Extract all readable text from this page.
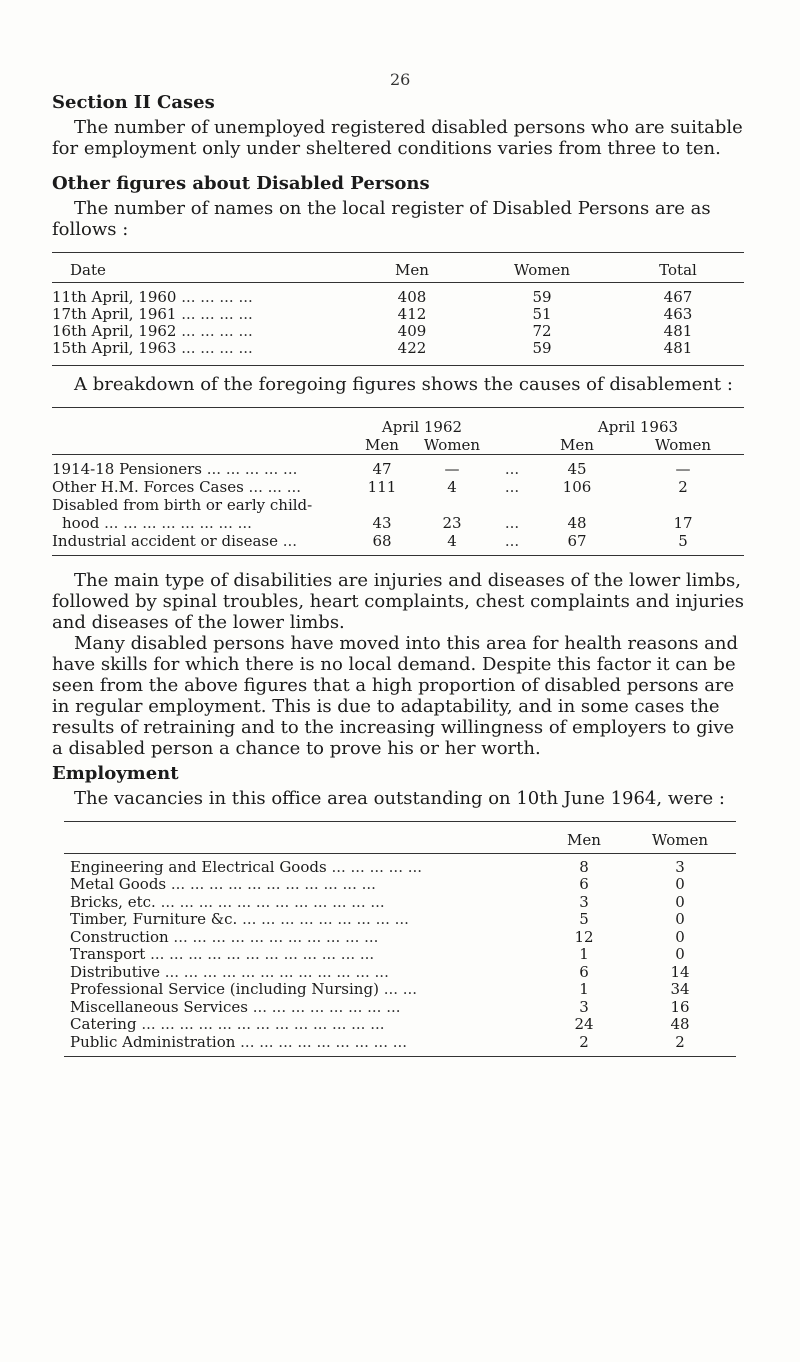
26
Section II Cases

The number of unemployed registered disabled persons who are suitable for employment only under sheltered conditions varies from three to ten.

Other figures about Disabled Persons

The number of names on the local register of Disabled Persons are as follows :

Date	Men	Women	Total

11th April, 1960 ... ... ... ...	408	59	467
17th April, 1961 ... ... ... ...	412	51	463
16th April, 1962 ... ... ... ...	409	72	481
15th April, 1963 ... ... ... ...	422	59	481

A breakdown of the foregoing figures shows the causes of disablement :

	April 1962			April 1963	
	Men	Women		Men	Women

1914-18 Pensioners ... ... ... ... ...	47	—	...	45	—
Other H.M. Forces Cases ... ... ...	111	4	...	106	2
Disabled from birth or early child-					
hood ... ... ... ... ... ... ... ...	43	23	...	48	17
Industrial accident or disease ...	68	4	...	67	5

The main type of disabilities are injuries and diseases of the lower limbs, followed by spinal troubles, heart complaints, chest complaints and injuries and diseases of the lower limbs.

Many disabled persons have moved into this area for health reasons and have skills for which there is no local demand. Despite this factor it can be seen from the above figures that a high proportion of disabled persons are in regular employment. This is due to adaptability, and in some cases the results of retraining and to the increasing willingness of employers to give a disabled person a chance to prove his or her worth.

Employment

The vacancies in this office area outstanding on 10th June 1964, were :

	Men	Women

Engineering and Electrical Goods ... ... ... ... ...	8	3
Metal Goods ... ... ... ... ... ... ... ... ... ... ...	6	0
Bricks, etc. ... ... ... ... ... ... ... ... ... ... ... ...	3	0
Timber, Furniture &c. ... ... ... ... ... ... ... ... ...	5	0
Construction ... ... ... ... ... ... ... ... ... ... ...	12	0
Transport ... ... ... ... ... ... ... ... ... ... ... ...	1	0
Distributive ... ... ... ... ... ... ... ... ... ... ... ...	6	14
Professional Service (including Nursing) ... ...	1	34
Miscellaneous Services ... ... ... ... ... ... ... ...	3	16
Catering ... ... ... ... ... ... ... ... ... ... ... ... ...	24	48
Public Administration ... ... ... ... ... ... ... ... ...	2	2
